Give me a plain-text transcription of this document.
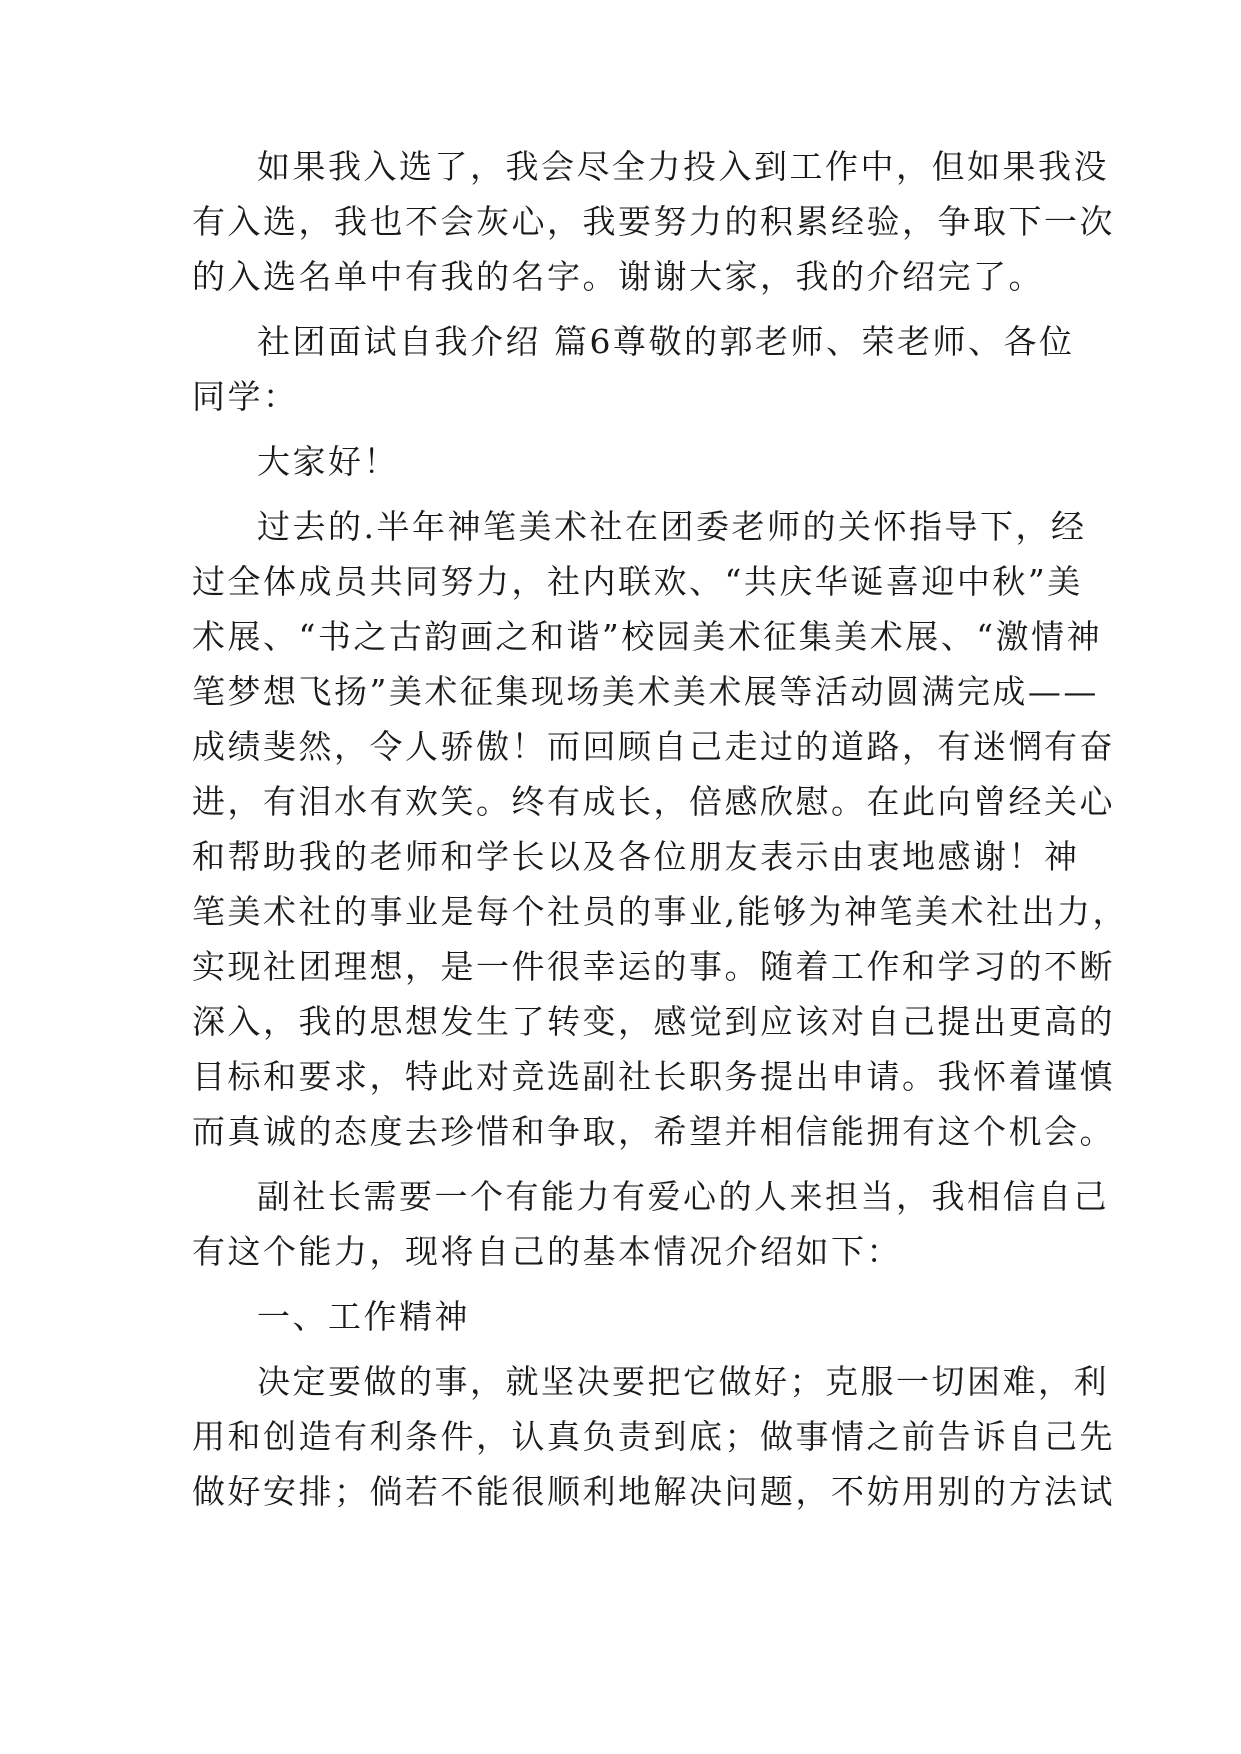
如果我入选了，我会尽全力投入到工作中，但如果我没
有入选，我也不会灰心，我要努力的积累经验，争取下一次
的入选名单中有我的名字。谢谢大家，我的介绍完了。
社团面试自我介绍 篇6尊敬的郭老师、荣老师、各位
同学：
大家好！
过去的.半年神笔美术社在团委老师的关怀指导下，经
过全体成员共同努力，社内联欢、“共庆华诞喜迎中秋”美
术展、“书之古韵画之和谐”校园美术征集美术展、“激情神
笔梦想飞扬”美术征集现场美术美术展等活动圆满完成——
成绩斐然，令人骄傲！而回顾自己走过的道路，有迷惘有奋
进，有泪水有欢笑。终有成长，倍感欣慰。在此向曾经关心
和帮助我的老师和学长以及各位朋友表示由衷地感谢！神
笔美术社的事业是每个社员的事业,能够为神笔美术社出力，
实现社团理想，是一件很幸运的事。随着工作和学习的不断
深入，我的思想发生了转变，感觉到应该对自己提出更高的
目标和要求，特此对竞选副社长职务提出申请。我怀着谨慎
而真诚的态度去珍惜和争取，希望并相信能拥有这个机会。
副社长需要一个有能力有爱心的人来担当，我相信自己
有这个能力，现将自己的基本情况介绍如下：
一、工作精神
决定要做的事，就坚决要把它做好；克服一切困难，利
用和创造有利条件，认真负责到底；做事情之前告诉自己先
做好安排；倘若不能很顺利地解决问题，不妨用别的方法试
